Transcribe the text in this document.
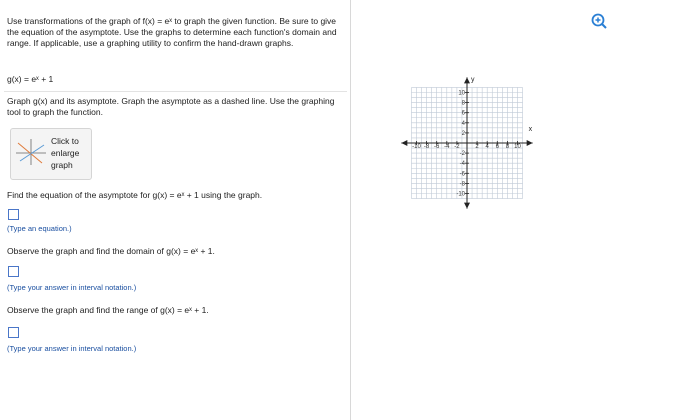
Use transformations of the graph of f(x) = eˣ to graph the given function. Be sure to give the equation of the asymptote. Use the graphs to determine each function's domain and range. If applicable, use a graphing utility to confirm the hand-drawn graphs.
g(x) = eˣ + 1
Graph g(x) and its asymptote. Graph the asymptote as a dashed line. Use the graphing tool to graph the function.
Click to
enlarge
graph
Find the equation of the asymptote for g(x) = eˣ + 1 using the graph.
(Type an equation.)
Observe the graph and find the domain of g(x) = eˣ + 1.
(Type your answer in interval notation.)
Observe the graph and find the range of g(x) = eˣ + 1.
(Type your answer in interval notation.)
x
y
-10 -8 -6 -4 -2	2 4 6 8 10
10
8
6
4
2
-2
-4
-6
-8
-10
